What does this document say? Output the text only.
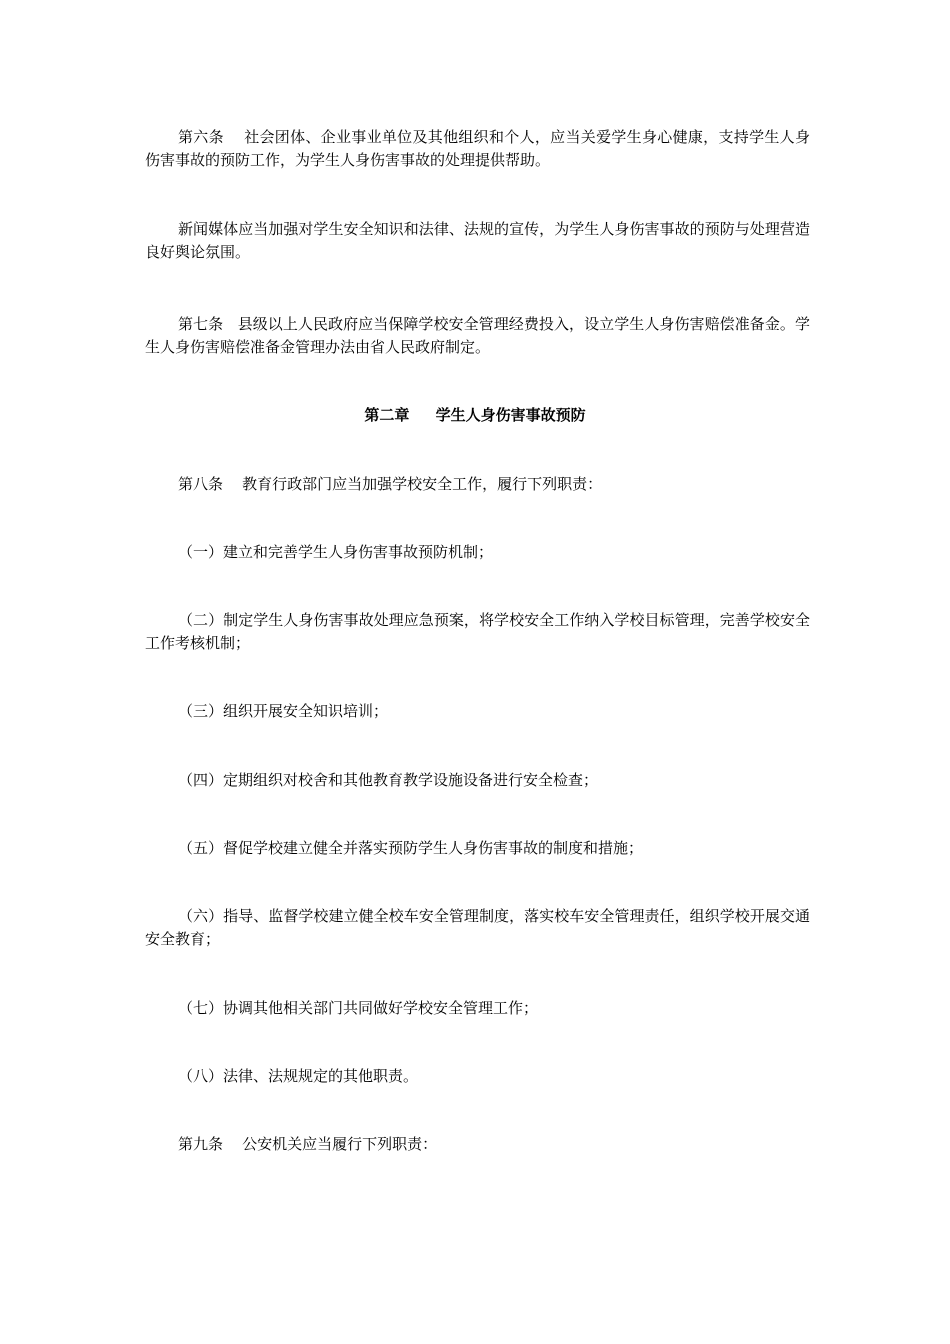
第六条 社会团体、企业事业单位及其他组织和个人，应当关爱学生身心健康，支持学生人身伤害事故的预防工作，为学生人身伤害事故的处理提供帮助。

新闻媒体应当加强对学生安全知识和法律、法规的宣传，为学生人身伤害事故的预防与处理营造良好舆论氛围。

第七条 县级以上人民政府应当保障学校安全管理经费投入，设立学生人身伤害赔偿准备金。学生人身伤害赔偿准备金管理办法由省人民政府制定。

第二章 学生人身伤害事故预防

第八条 教育行政部门应当加强学校安全工作，履行下列职责：

（一）建立和完善学生人身伤害事故预防机制；

（二）制定学生人身伤害事故处理应急预案，将学校安全工作纳入学校目标管理，完善学校安全工作考核机制；

（三）组织开展安全知识培训；

（四）定期组织对校舍和其他教育教学设施设备进行安全检查；

（五）督促学校建立健全并落实预防学生人身伤害事故的制度和措施；

（六）指导、监督学校建立健全校车安全管理制度，落实校车安全管理责任，组织学校开展交通安全教育；

（七）协调其他相关部门共同做好学校安全管理工作；

（八）法律、法规规定的其他职责。

第九条 公安机关应当履行下列职责：
